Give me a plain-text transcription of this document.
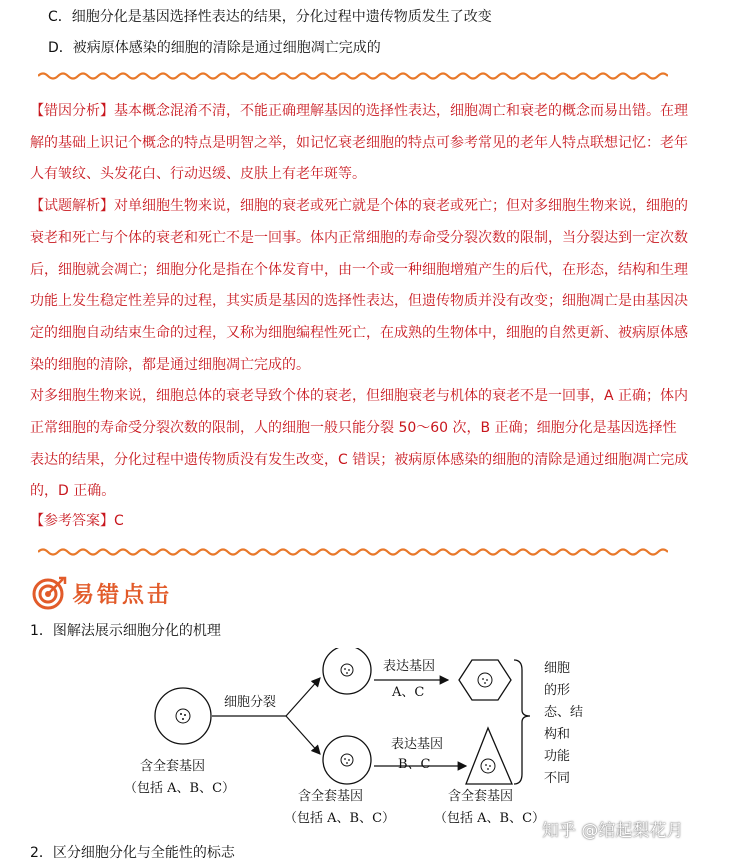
C．细胞分化是基因选择性表达的结果，分化过程中遗传物质发生了改变
D．被病原体感染的细胞的清除是通过细胞凋亡完成的

【错因分析】基本概念混淆不清，不能正确理解基因的选择性表达，细胞凋亡和衰老的概念而易出错。在理解的基础上识记个概念的特点是明智之举，如记忆衰老细胞的特点可参考常见的老年人特点联想记忆：老年人有皱纹、头发花白、行动迟缓、皮肤上有老年斑等。

【试题解析】对单细胞生物来说，细胞的衰老或死亡就是个体的衰老或死亡；但对多细胞生物来说，细胞的衰老和死亡与个体的衰老和死亡不是一回事。体内正常细胞的寿命受分裂次数的限制，当分裂达到一定次数后，细胞就会凋亡；细胞分化是指在个体发育中，由一个或一种细胞增殖产生的后代，在形态，结构和生理功能上发生稳定性差异的过程，其实质是基因的选择性表达，但遗传物质并没有改变；细胞凋亡是由基因决定的细胞自动结束生命的过程，又称为细胞编程性死亡，在成熟的生物体中，细胞的自然更新、被病原体感染的细胞的清除，都是通过细胞凋亡完成的。

对多细胞生物来说，细胞总体的衰老导致个体的衰老，但细胞衰老与机体的衰老不是一回事，A 正确；体内正常细胞的寿命受分裂次数的限制，人的细胞一般只能分裂 50～60 次，B 正确；细胞分化是基因选择性表达的结果，分化过程中遗传物质没有发生改变，C 错误；被病原体感染的细胞的清除是通过细胞凋亡完成的，D 正确。

【参考答案】C
易错点击
1．图解法展示细胞分化的机理
细胞分裂
表达基因
A、C
表达基因
B、C
细胞
的形
态、结
构和
功能
不同
含全套基因
（包括 A、B、C）
含全套基因
（包括 A、B、C）
含全套基因
（包括 A、B、C）
2．区分细胞分化与全能性的标志
知乎 @绾起梨花月
